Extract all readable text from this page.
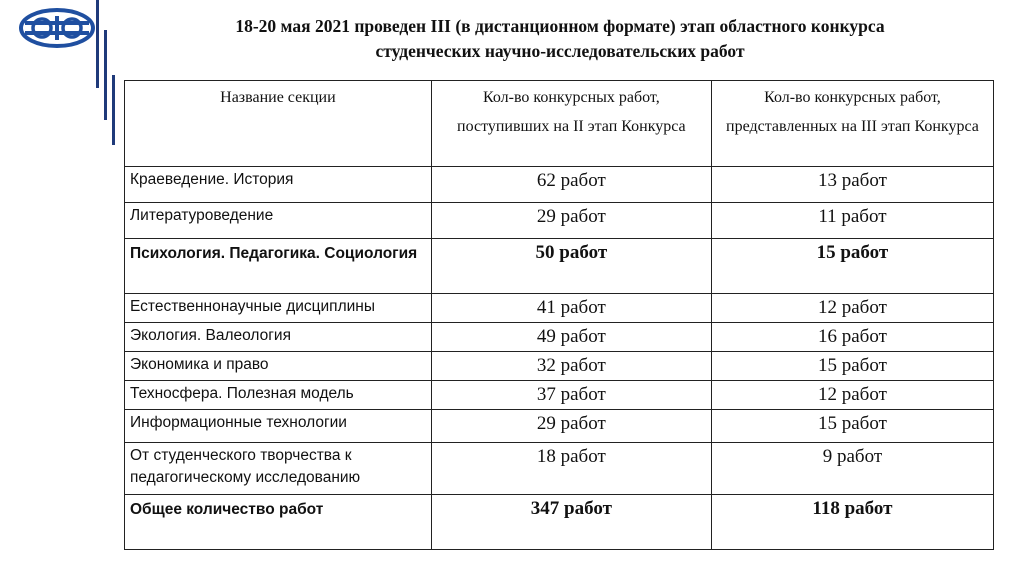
18-20 мая 2021 проведен III (в дистанционном формате) этап областного конкурса
студенческих научно-исследовательских работ
Название секции	Кол-во конкурсных работ, поступивших на II этап Конкурса	Кол-во конкурсных работ, представленных на III этап Конкурса
Краеведение. История	62 работ	13 работ
Литературоведение	29 работ	11 работ
Психология. Педагогика. Социология	50 работ	15 работ
Естественнонаучные дисциплины	41 работ	12 работ
Экология. Валеология	49 работ	16 работ
Экономика и право	32 работ	15 работ
Техносфера. Полезная модель	37 работ	12 работ
Информационные технологии	29 работ	15 работ
От студенческого творчества к педагогическому исследованию	18 работ	9 работ
Общее количество работ	347 работ	118 работ
